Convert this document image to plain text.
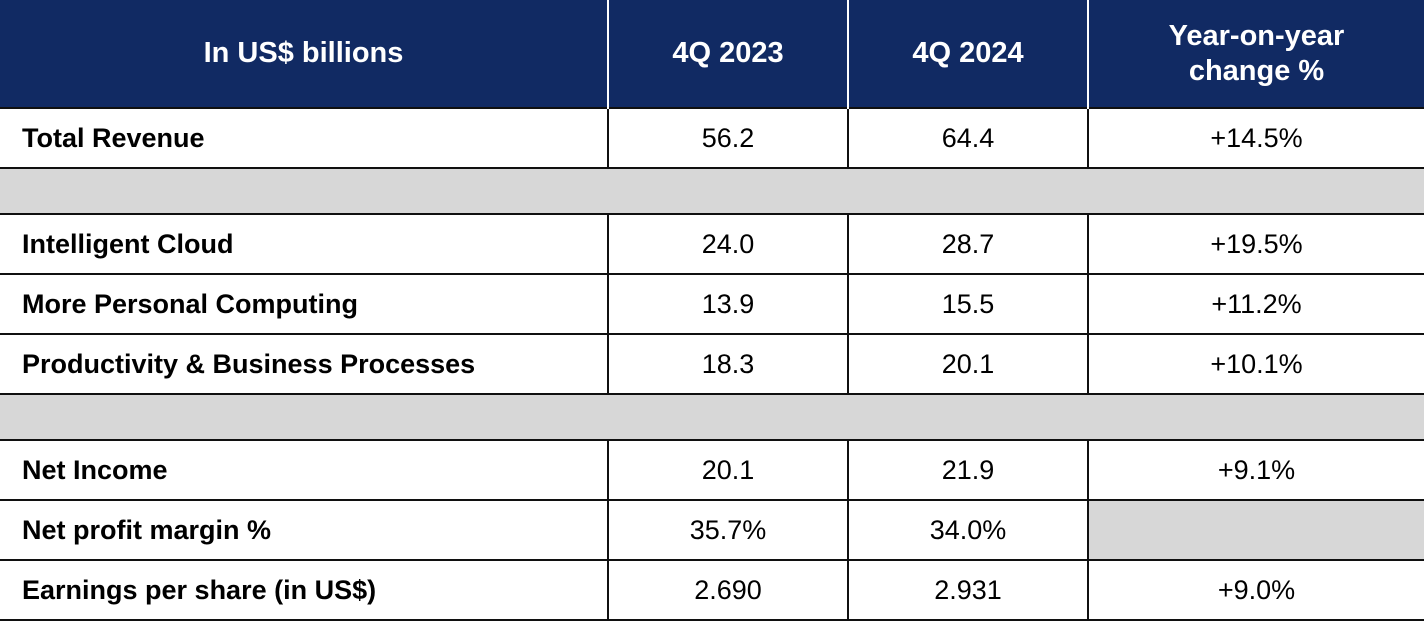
In US$ billions	4Q 2023	4Q 2024	Year-on-year
change %
Total Revenue	56.2	64.4	+14.5%

Intelligent Cloud	24.0	28.7	+19.5%
More Personal Computing	13.9	15.5	+11.2%
Productivity & Business Processes	18.3	20.1	+10.1%

Net Income	20.1	21.9	+9.1%
Net profit margin %	35.7%	34.0%	
Earnings per share (in US$)	2.690	2.931	+9.0%
